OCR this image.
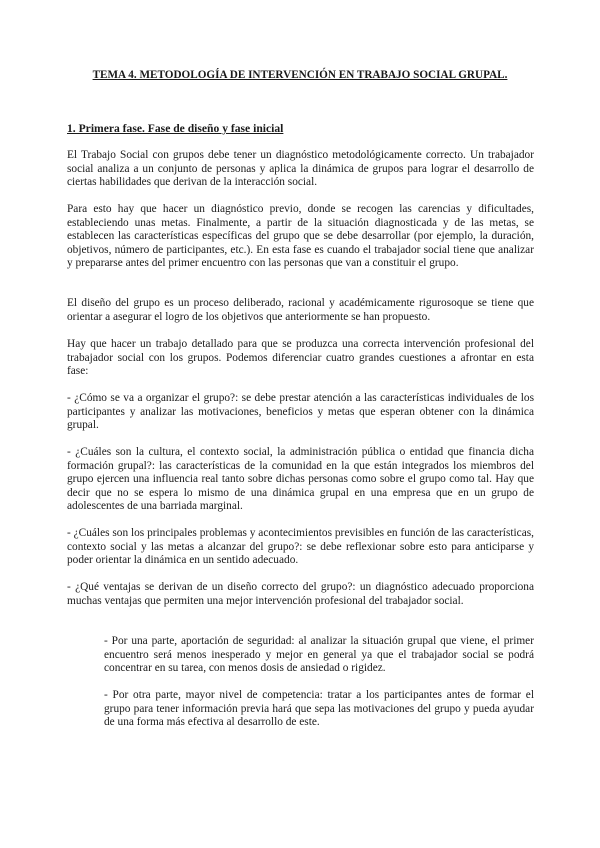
TEMA 4. METODOLOGÍA DE INTERVENCIÓN EN TRABAJO SOCIAL GRUPAL.
1. Primera fase. Fase de diseño y fase inicial

El Trabajo Social con grupos debe tener un diagnóstico metodológicamente correcto. Un trabajador social analiza a un conjunto de personas y aplica la dinámica de grupos para lograr el desarrollo de ciertas habilidades que derivan de la interacción social.

Para esto hay que hacer un diagnóstico previo, donde se recogen las carencias y dificultades, estableciendo unas metas. Finalmente, a partir de la situación diagnosticada y de las metas, se establecen las características específicas del grupo que se debe desarrollar (por ejemplo, la duración, objetivos, número de participantes, etc.). En esta fase es cuando el trabajador social tiene que analizar y prepararse antes del primer encuentro con las personas que van a constituir el grupo.

El diseño del grupo es un proceso deliberado, racional y académicamente rigurosoque se tiene que orientar a asegurar el logro de los objetivos que anteriormente se han propuesto.

Hay que hacer un trabajo detallado para que se produzca una correcta intervención profesional del trabajador social con los grupos. Podemos diferenciar cuatro grandes cuestiones a afrontar en esta fase:

- ¿Cómo se va a organizar el grupo?: se debe prestar atención a las características individuales de los participantes y analizar las motivaciones, beneficios y metas que esperan obtener con la dinámica grupal.

- ¿Cuáles son la cultura, el contexto social, la administración pública o entidad que financia dicha formación grupal?: las características de la comunidad en la que están integrados los miembros del grupo ejercen una influencia real tanto sobre dichas personas como sobre el grupo como tal. Hay que decir que no se espera lo mismo de una dinámica grupal en una empresa que en un grupo de adolescentes de una barriada marginal.

- ¿Cuáles son los principales problemas y acontecimientos previsibles en función de las características, contexto social y las metas a alcanzar del grupo?: se debe reflexionar sobre esto para anticiparse y poder orientar la dinámica en un sentido adecuado.

- ¿Qué ventajas se derivan de un diseño correcto del grupo?: un diagnóstico adecuado proporciona muchas ventajas que permiten una mejor intervención profesional del trabajador social.

- Por una parte, aportación de seguridad: al analizar la situación grupal que viene, el primer encuentro será menos inesperado y mejor en general ya que el trabajador social se podrá concentrar en su tarea, con menos dosis de ansiedad o rigidez.

- Por otra parte, mayor nivel de competencia: tratar a los participantes antes de formar el grupo para tener información previa hará que sepa las motivaciones del grupo y pueda ayudar de una forma más efectiva al desarrollo de este.
